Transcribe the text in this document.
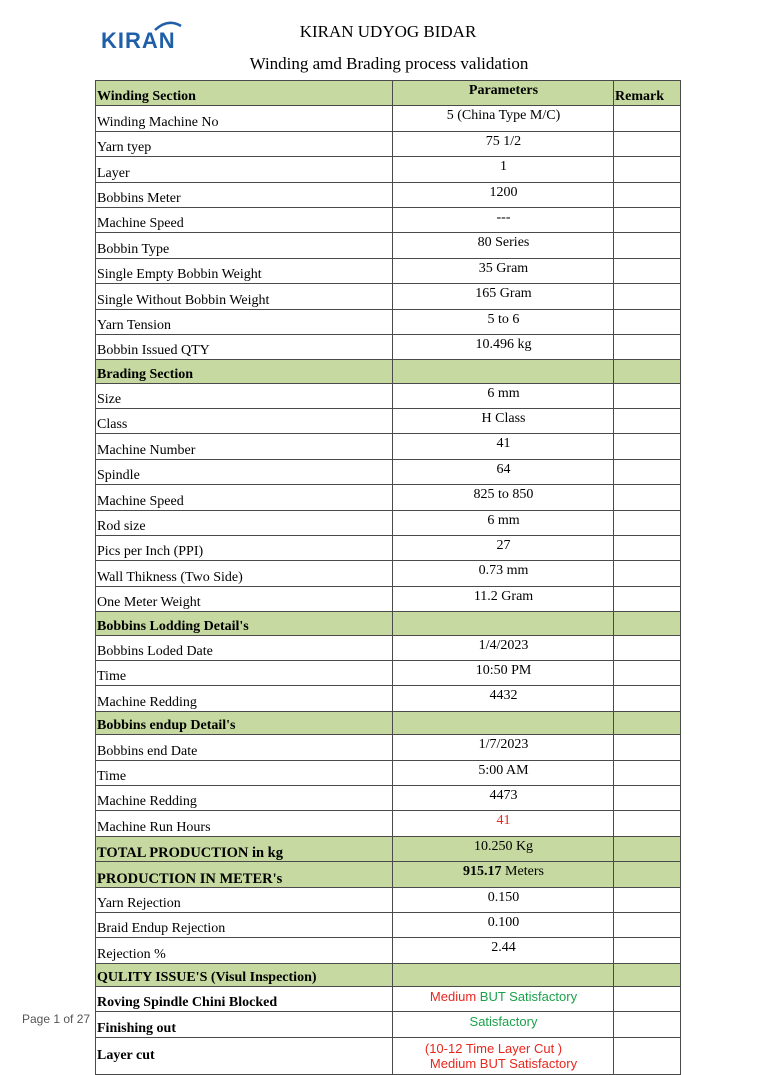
KIRAN	KIRAN UDYOG BIDAR
Winding amd Brading process validation
Winding Section	Parameters	Remark
Winding Machine No	5 (China Type M/C)	
Yarn tyep	75 1/2	
Layer	1	
Bobbins Meter	1200	
Machine Speed	---	
Bobbin Type	80 Series	
Single Empty Bobbin Weight	35 Gram	
Single Without Bobbin Weight	165 Gram	
Yarn Tension	5 to 6	
Bobbin Issued QTY	10.496 kg	
Brading Section		
Size	6 mm	
Class	H Class	
Machine Number	41	
Spindle	64	
Machine Speed	825 to 850	
Rod size	6 mm	
Pics per Inch (PPI)	27	
Wall Thikness (Two Side)	0.73 mm	
One Meter Weight	11.2 Gram	
Bobbins Lodding Detail's		
Bobbins Loded Date	1/4/2023	
Time	10:50 PM	
Machine Redding	4432	
Bobbins endup Detail's		
Bobbins end Date	1/7/2023	
Time	5:00 AM	
Machine Redding	4473	
Machine Run Hours	41	
TOTAL PRODUCTION in kg	10.250 Kg	
PRODUCTION IN METER's	915.17 Meters	
Yarn Rejection	0.150	
Braid Endup Rejection	0.100	
Rejection %	2.44	
QULITY ISSUE'S (Visul Inspection)		
Roving Spindle Chini Blocked	Medium BUT Satisfactory	
Finishing out	Satisfactory	
Layer cut	(10-12 Time Layer Cut )
Medium BUT Satisfactory	
Page 1 of 27
